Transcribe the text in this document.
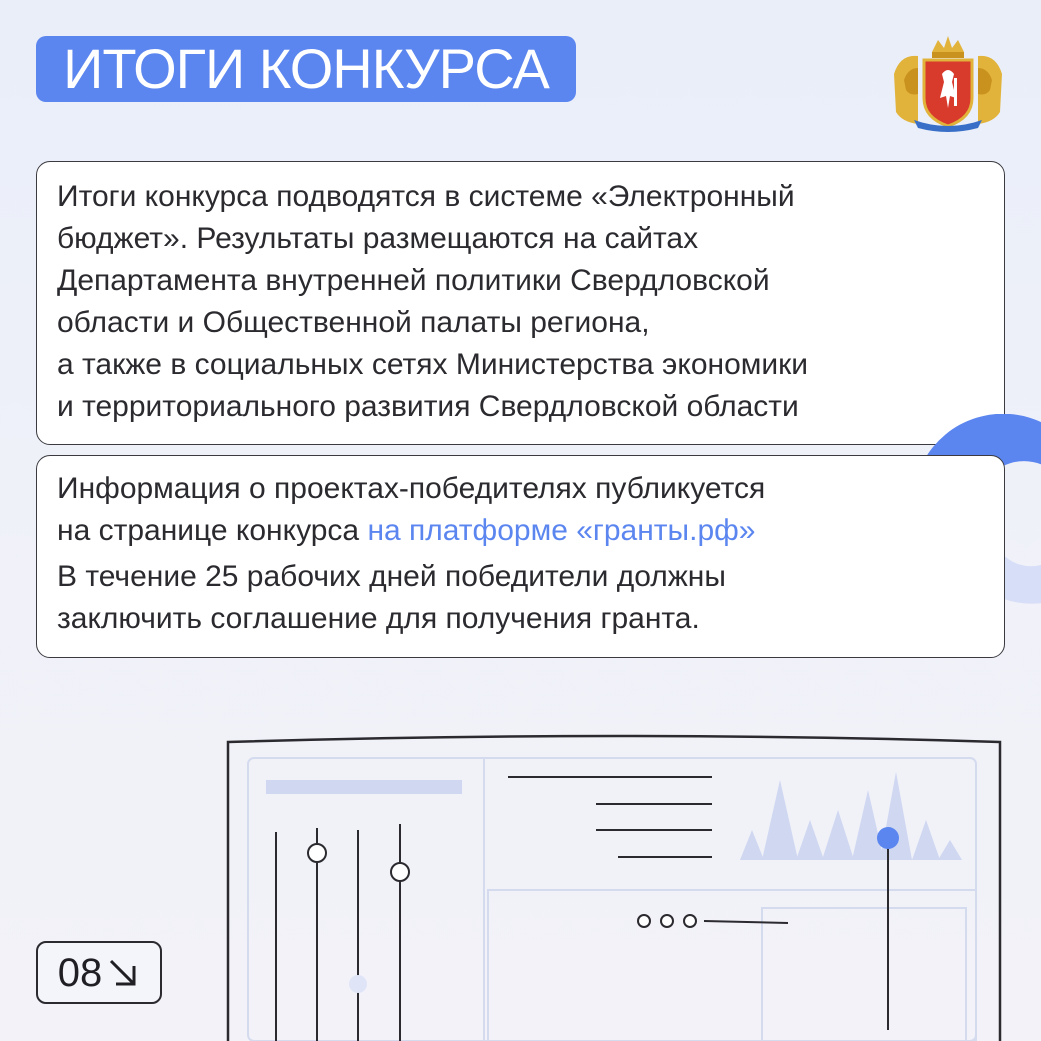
ИТОГИ КОНКУРСА

Итоги конкурса подводятся в системе «Электронный

бюджет». Результаты размещаются на сайтах

Департамента внутренней политики Свердловской

области и Общественной палаты региона,

а также в социальных сетях Министерства экономики

и территориального развития Свердловской области

Информация о проектах-победителях публикуется

на странице конкурса на платформе «гранты.рф»

В течение 25 рабочих дней победители должны

заключить соглашение для получения гранта.

08
